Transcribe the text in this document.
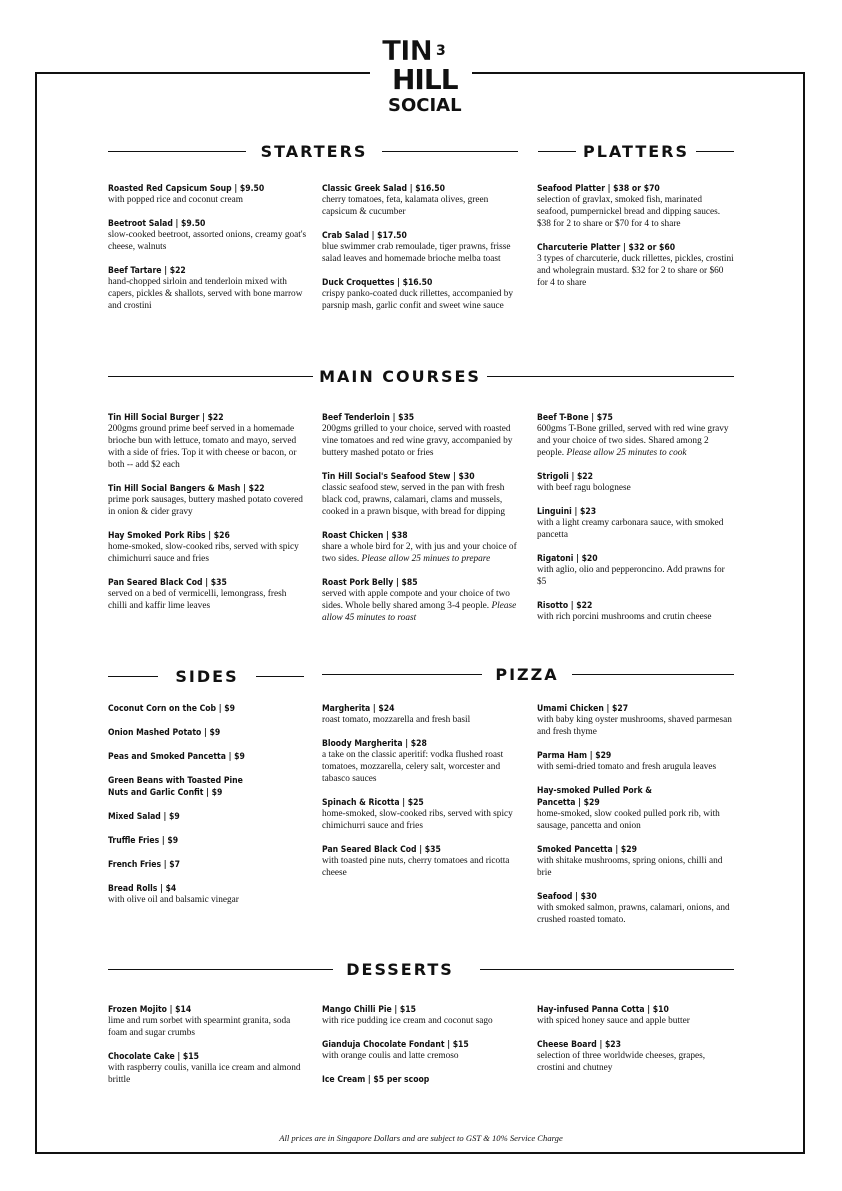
TIN 3
HILL
SOCIAL
STARTERS	PLATTERS
MAIN COURSES
SIDES	PIZZA
DESSERTS
Roasted Red Capsicum Soup | $9.50
with popped rice and coconut cream
Beetroot Salad | $9.50
slow-cooked beetroot, assorted onions, creamy goat's cheese, walnuts
Beef Tartare | $22
hand-chopped sirloin and tenderloin mixed with capers, pickles & shallots, served with bone marrow and crostini
Classic Greek Salad | $16.50
cherry tomatoes, feta, kalamata olives, green capsicum & cucumber
Crab Salad | $17.50
blue swimmer crab remoulade, tiger prawns, frisse salad leaves and homemade brioche melba toast
Duck Croquettes | $16.50
crispy panko-coated duck rillettes, accompanied by parsnip mash, garlic confit and sweet wine sauce
Seafood Platter | $38 or $70
selection of gravlax, smoked fish, marinated seafood, pumpernickel bread and dipping sauces. $38 for 2 to share or $70 for 4 to share
Charcuterie Platter | $32 or $60
3 types of charcuterie, duck rillettes, pickles, crostini and wholegrain mustard. $32 for 2 to share or $60 for 4 to share
Tin Hill Social Burger | $22
200gms ground prime beef served in a homemade brioche bun with lettuce, tomato and mayo, served with a side of fries. Top it with cheese or bacon, or both -- add $2 each
Tin Hill Social Bangers & Mash | $22
prime pork sausages, buttery mashed potato covered in onion & cider gravy
Hay Smoked Pork Ribs | $26
home-smoked, slow-cooked ribs, served with spicy chimichurri sauce and fries
Pan Seared Black Cod | $35
served on a bed of vermicelli, lemongrass, fresh chilli and kaffir lime leaves
Beef Tenderloin | $35
200gms grilled to your choice, served with roasted vine tomatoes and red wine gravy, accompanied by buttery mashed potato or fries
Tin Hill Social's Seafood Stew | $30
classic seafood stew, served in the pan with fresh black cod, prawns, calamari, clams and mussels, cooked in a prawn bisque, with bread for dipping
Roast Chicken | $38
share a whole bird for 2, with jus and your choice of two sides. Please allow 25 minues to prepare
Roast Pork Belly | $85
served with apple compote and your choice of two sides. Whole belly shared among 3-4 people. Please allow 45 minutes to roast
Beef T-Bone | $75
600gms T-Bone grilled, served with red wine gravy and your choice of two sides. Shared among 2 people. Please allow 25 minutes to cook
Strigoli | $22
with beef ragu bolognese
Linguini | $23
with a light creamy carbonara sauce, with smoked pancetta
Rigatoni | $20
with aglio, olio and pepperoncino. Add prawns for $5
Risotto | $22
with rich porcini mushrooms and crutin cheese
Coconut Corn on the Cob | $9
Onion Mashed Potato | $9
Peas and Smoked Pancetta | $9
Green Beans with Toasted Pine
Nuts and Garlic Confit | $9
Mixed Salad | $9
Truffle Fries | $9
French Fries | $7
Bread Rolls | $4
with olive oil and balsamic vinegar
Margherita | $24
roast tomato, mozzarella and fresh basil
Bloody Margherita | $28
a take on the classic aperitif: vodka flushed roast tomatoes, mozzarella, celery salt, worcester and tabasco sauces
Spinach & Ricotta | $25
home-smoked, slow-cooked ribs, served with spicy chimichurri sauce and fries
Pan Seared Black Cod | $35
with toasted pine nuts, cherry tomatoes and ricotta cheese
Umami Chicken | $27
with baby king oyster mushrooms, shaved parmesan and fresh thyme
Parma Ham | $29
with semi-dried tomato and fresh arugula leaves
Hay-smoked Pulled Pork &
Pancetta | $29
home-smoked, slow cooked pulled pork rib, with sausage, pancetta and onion
Smoked Pancetta | $29
with shitake mushrooms, spring onions, chilli and brie
Seafood | $30
with smoked salmon, prawns, calamari, onions, and crushed roasted tomato.
Frozen Mojito | $14
lime and rum sorbet with spearmint granita, soda foam and sugar crumbs
Chocolate Cake | $15
with raspberry coulis, vanilla ice cream and almond brittle
Mango Chilli Pie | $15
with rice pudding ice cream and coconut sago
Gianduja Chocolate Fondant | $15
with orange coulis and latte cremoso
Ice Cream | $5 per scoop
Hay-infused Panna Cotta | $10
with spiced honey sauce and apple butter
Cheese Board | $23
selection of three worldwide cheeses, grapes, crostini and chutney
All prices are in Singapore Dollars and are subject to GST & 10% Service Charge
